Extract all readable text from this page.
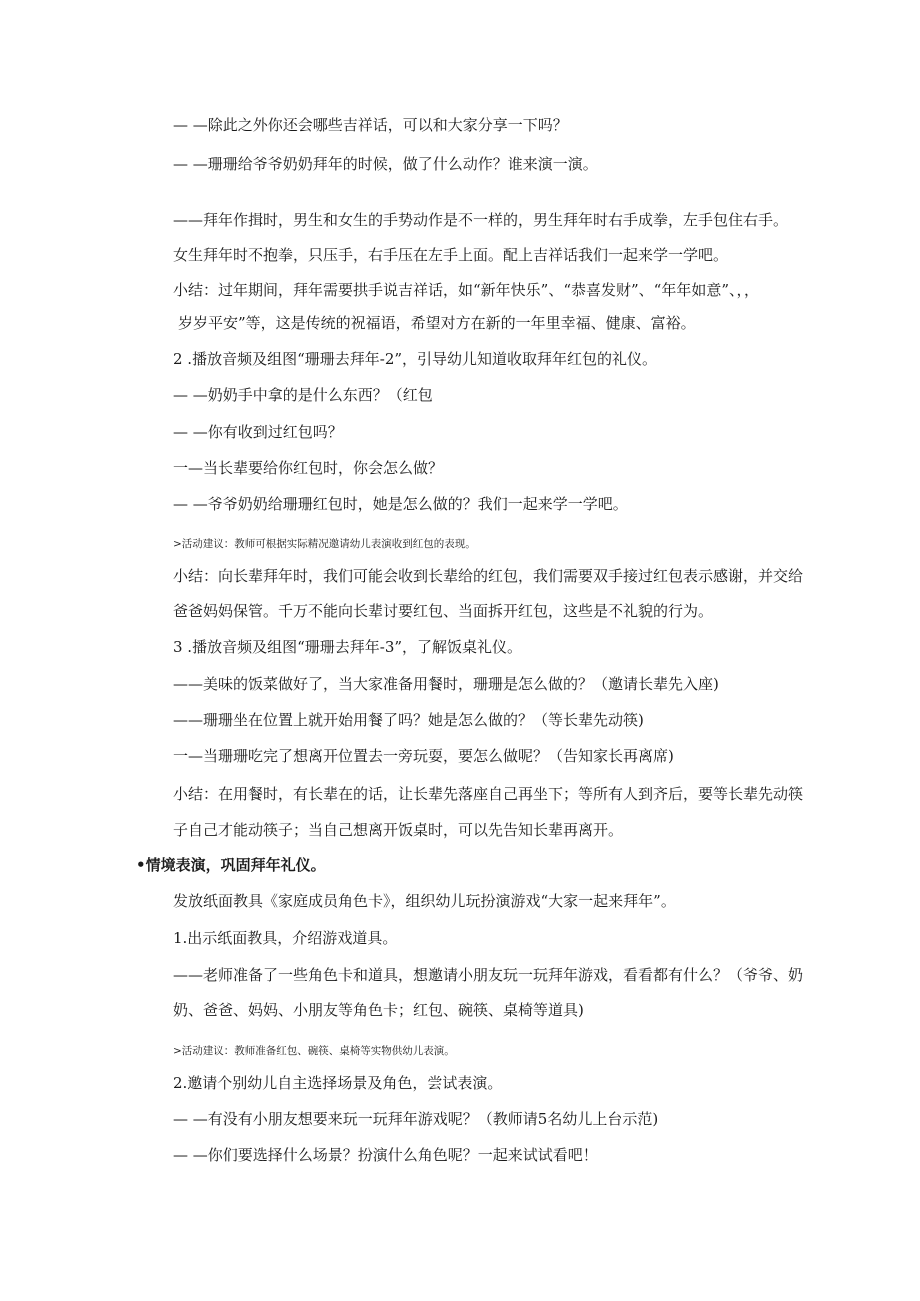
— —除此之外你还会哪些吉祥话，可以和大家分享一下吗？
— —珊珊给爷爷奶奶拜年的时候，做了什么动作？谁来演一演。
——拜年作揖时，男生和女生的手势动作是不一样的，男生拜年时右手成拳，左手包住右手。
女生拜年时不抱拳，只压手，右手压在左手上面。配上吉祥话我们一起来学一学吧。
小结：过年期间，拜年需要拱手说吉祥话，如“新年快乐”、“恭喜发财”、“年年如意”、，，
岁岁平安”等，这是传统的祝福语，希望对方在新的一年里幸福、健康、富裕。
2 .播放音频及组图“珊珊去拜年-2”，引导幼儿知道收取拜年红包的礼仪。
— —奶奶手中拿的是什么东西？（红包
— —你有收到过红包吗？
一—当长辈要给你红包时，你会怎么做？
— —爷爷奶奶给珊珊红包时，她是怎么做的？我们一起来学一学吧。
>活动建议：教师可根据实际精况邀请幼儿表演收到红包的表现。
小结：向长辈拜年时，我们可能会收到长辈给的红包，我们需要双手接过红包表示感谢，并交给
爸爸妈妈保管。千万不能向长辈讨要红包、当面拆开红包，这些是不礼貌的行为。
3 .播放音频及组图“珊珊去拜年-3”，了解饭桌礼仪。
——美味的饭菜做好了，当大家准备用餐时，珊珊是怎么做的？（邀请长辈先入座)
——珊珊坐在位置上就开始用餐了吗？她是怎么做的？（等长辈先动筷)
一—当珊珊吃完了想离开位置去一旁玩耍，要怎么做呢？（告知家长再离席)
小结：在用餐时，有长辈在的话，让长辈先落座自己再坐下；等所有人到齐后，要等长辈先动筷
子自己才能动筷子；当自己想离开饭桌时，可以先告知长辈再离开。
•情境表演，巩固拜年礼仪。
发放纸面教具《家庭成员角色卡》，组织幼儿玩扮演游戏“大家一起来拜年”。
1.出示纸面教具，介绍游戏道具。
——老师准备了一些角色卡和道具，想邀请小朋友玩一玩拜年游戏，看看都有什么？（爷爷、奶
奶、爸爸、妈妈、小朋友等角色卡；红包、碗筷、桌椅等道具)
>活动建议：教师准备红包、碗筷、桌椅等实物供幼儿表演。
2.邀请个别幼儿自主选择场景及角色，尝试表演。
— —有没有小朋友想要来玩一玩拜年游戏呢？（教师请5名幼儿上台示范)
— —你们要选择什么场景？扮演什么角色呢？一起来试试看吧！
